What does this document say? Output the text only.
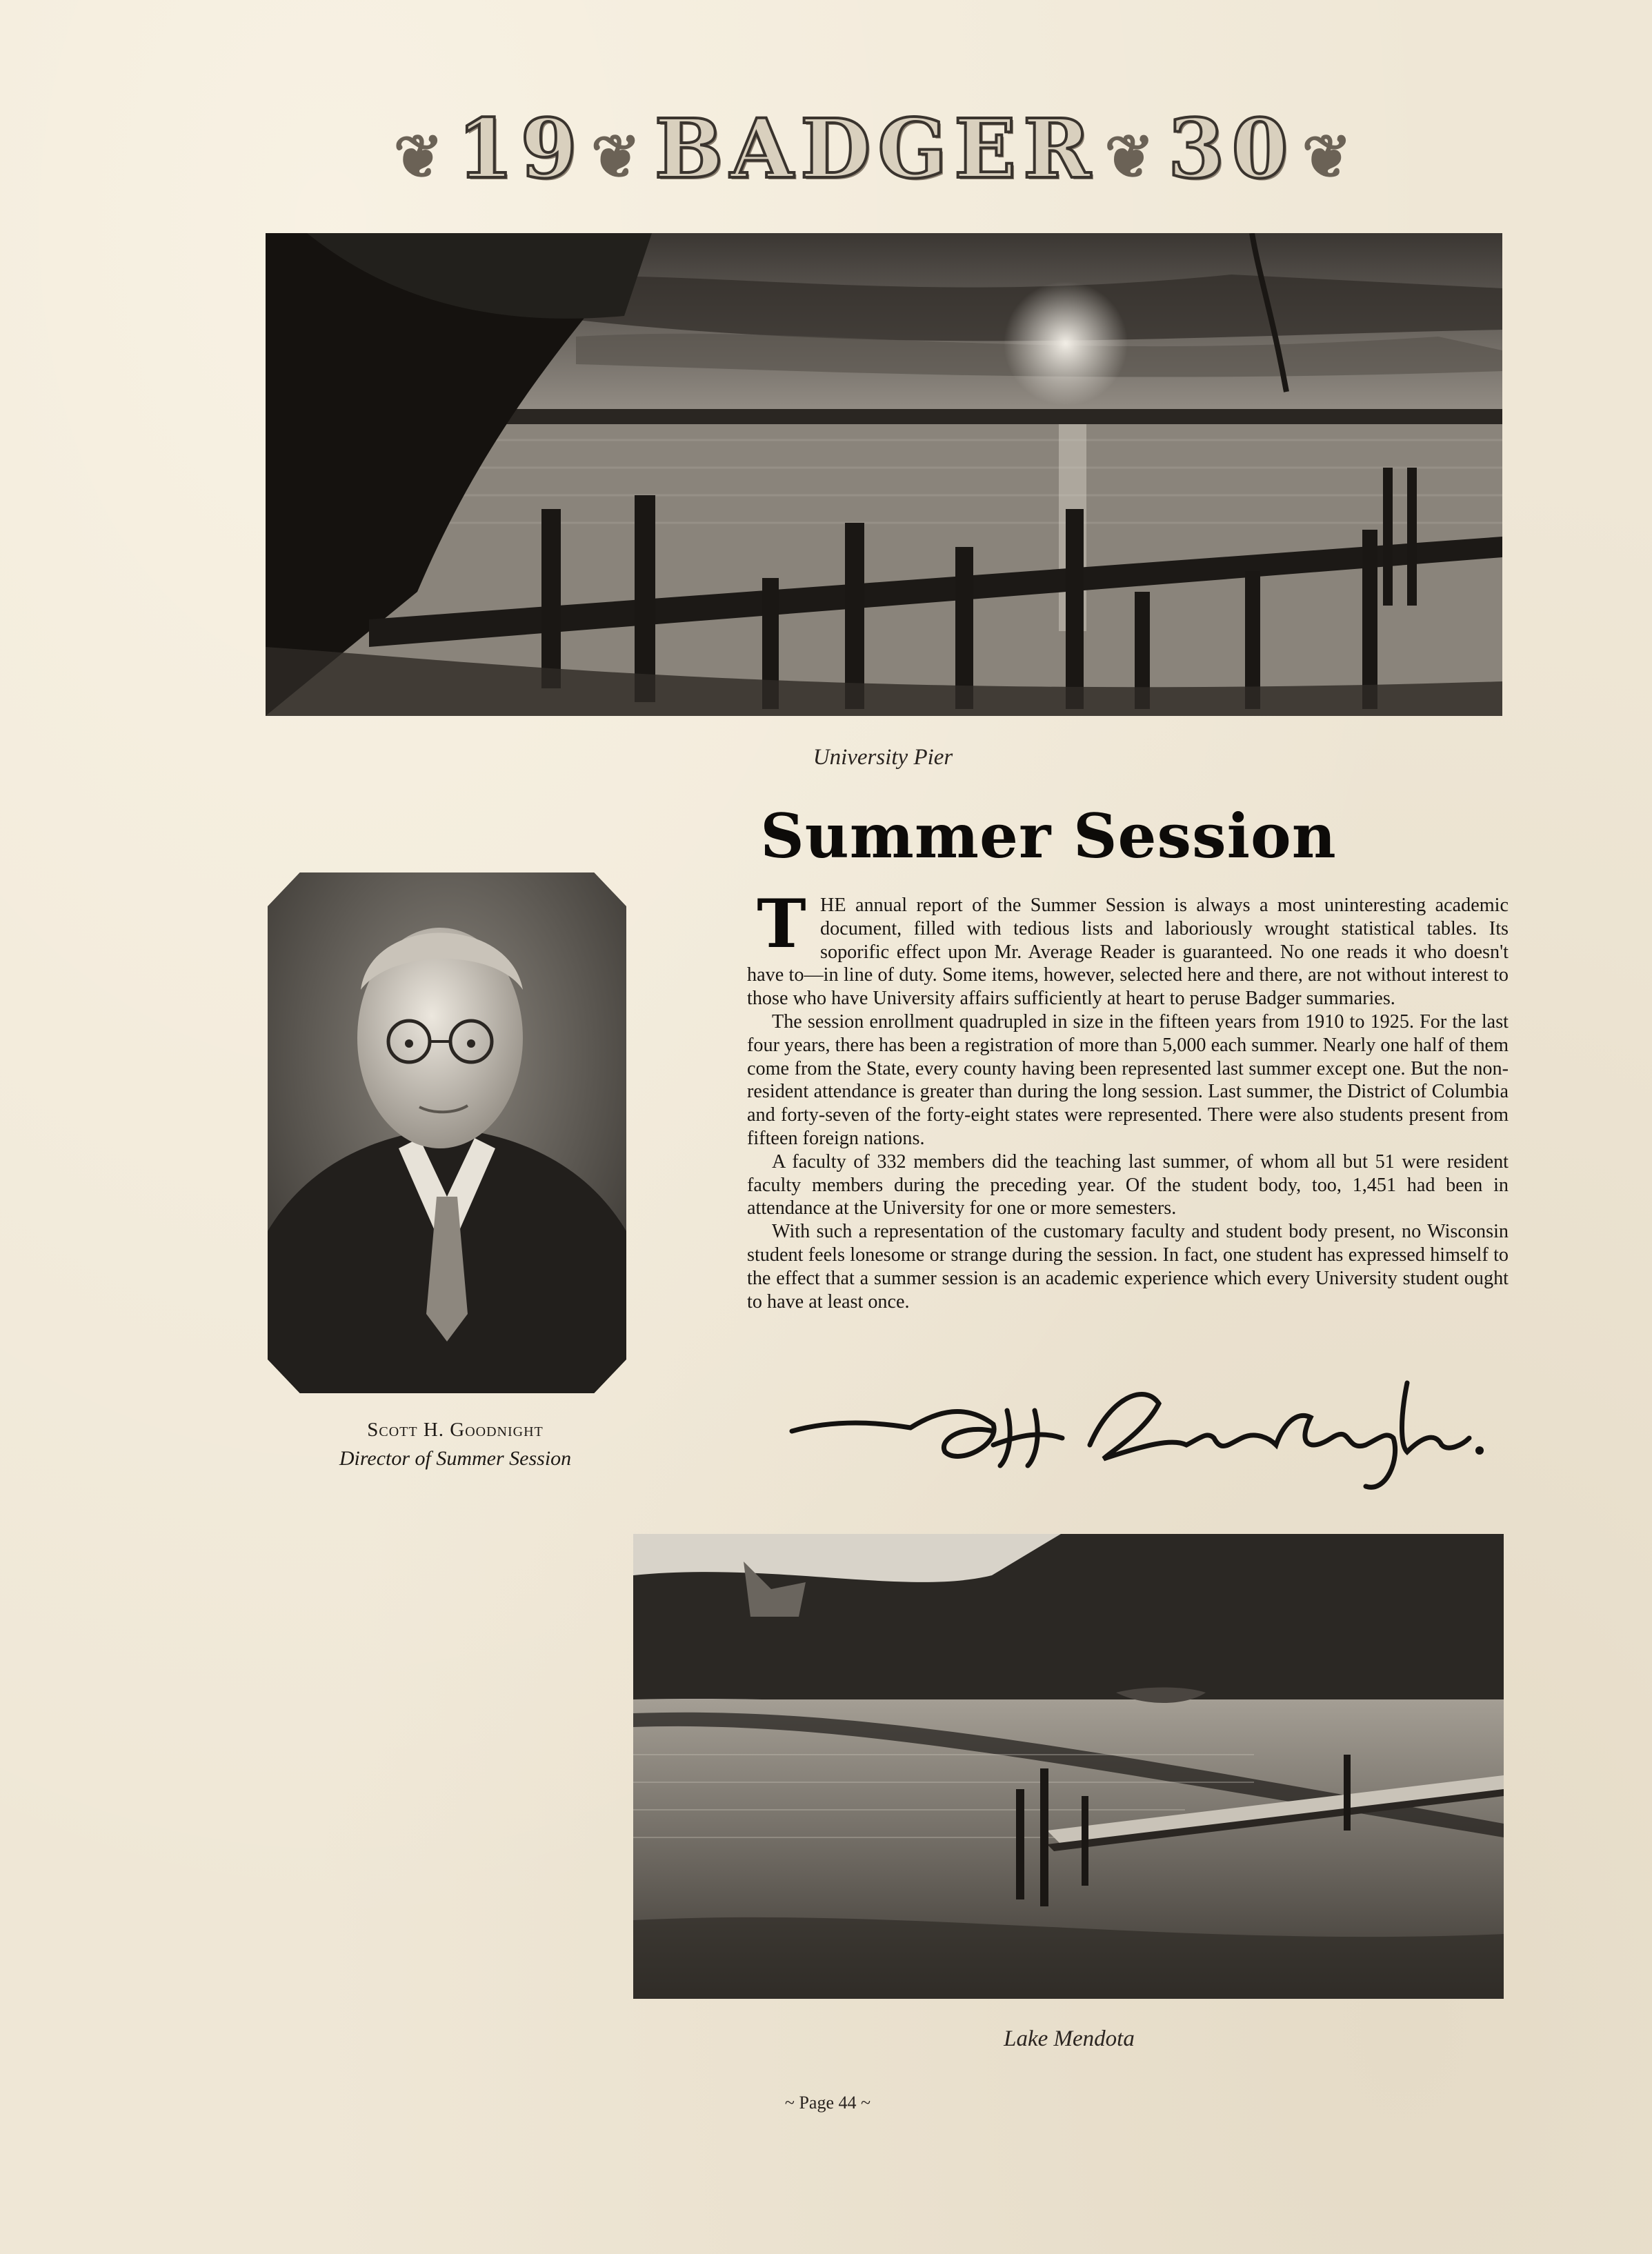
❦19 ❦BADGER ❦30 ❦
University Pier
Summer Session
Scott H. Goodnight
Director of Summer Session

THE annual report of the Summer Session is always a most uninteresting academic document, filled with tedious lists and laboriously wrought statistical tables. Its soporific effect upon Mr. Average Reader is guaranteed. No one reads it who doesn't have to—in line of duty. Some items, however, selected here and there, are not without interest to those who have University affairs sufficiently at heart to peruse Badger summaries.

The session enrollment quadrupled in size in the fifteen years from 1910 to 1925. For the last four years, there has been a registration of more than 5,000 each summer. Nearly one half of them come from the State, every county having been represented last summer except one. But the non-resident attendance is greater than during the long session. Last summer, the District of Columbia and forty-seven of the forty-eight states were represented. There were also students present from fifteen foreign nations.

A faculty of 332 members did the teaching last summer, of whom all but 51 were resident faculty members during the preceding year. Of the student body, too, 1,451 had been in attendance at the University for one or more semesters.

With such a representation of the customary faculty and student body present, no Wisconsin student feels lonesome or strange during the session. In fact, one student has expressed himself to the effect that a summer session is an academic experience which every University student ought to have at least once.

Lake Mendota
~ Page 44 ~
